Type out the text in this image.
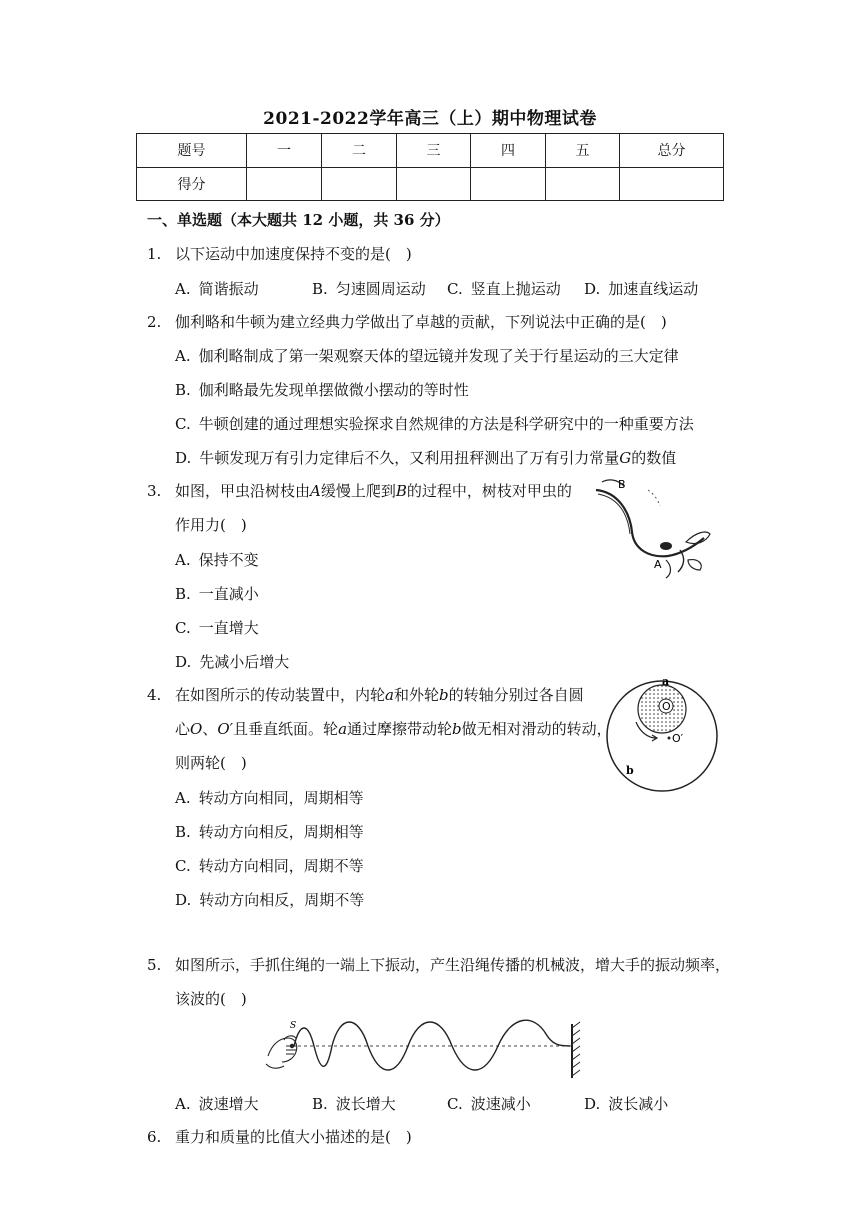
2021-2022学年高三（上）期中物理试卷
题号	一	二	三	四	五	总分
得分						
一、单选题（本大题共 12 小题，共 36 分）
1. 以下运动中加速度保持不变的是(　)
A. 简谐振动	B. 匀速圆周运动 C. 竖直上抛运动 D. 加速直线运动
2. 伽利略和牛顿为建立经典力学做出了卓越的贡献，下列说法中正确的是(　)
A. 伽利略制成了第一架观察天体的望远镜并发现了关于行星运动的三大定律
B. 伽利略最先发现单摆做微小摆动的等时性
C. 牛顿创建的通过理想实验探求自然规律的方法是科学研究中的一种重要方法
D. 牛顿发现万有引力定律后不久，又利用扭秤测出了万有引力常量G的数值
3. 如图，甲虫沿树枝由A缓慢上爬到B的过程中，树枝对甲虫的
作用力(　)
A. 保持不变
B. 一直减小
C. 一直增大
D. 先减小后增大
B
A
4. 在如图所示的传动装置中，内轮a和外轮b的转轴分别过各自圆
心O、O′且垂直纸面。轮a通过摩擦带动轮b做无相对滑动的转动，
则两轮(　)
A. 转动方向相同，周期相等
B. 转动方向相反，周期相等
C. 转动方向相同，周期不等
D. 转动方向相反，周期不等
a
O
O′
b
5. 如图所示，手抓住绳的一端上下振动，产生沿绳传播的机械波，增大手的振动频率，
该波的(　)
S
A. 波速增大	B. 波长增大	C. 波速减小	D. 波长减小
6. 重力和质量的比值大小描述的是(　)
